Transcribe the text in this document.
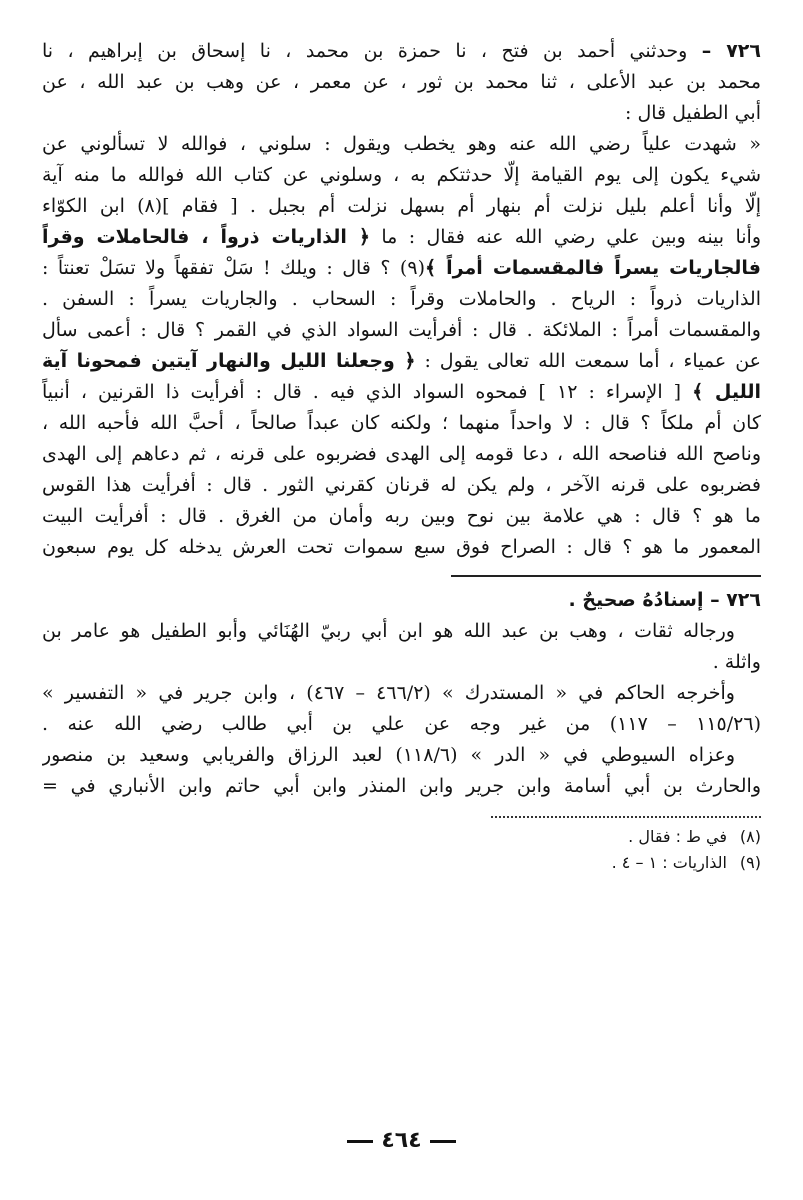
٧٢٦ – وحدثني أحمد بن فتح ، نا حمزة بن محمد ، نا إسحاق بن إبراهيم ، نا
محمد بن عبد الأعلى ، ثنا محمد بن ثور ، عن معمر ، عن وهب بن عبد الله ، عن
أبي الطفيل قال :
« شهدت علياً رضي الله عنه وهو يخطب ويقول : سلوني ، فوالله لا تسألوني عن
شيء يكون إلى يوم القيامة إلّا حدثتكم به ، وسلوني عن كتاب الله فوالله ما منه آية
إلّا وأنا أعلم بليل نزلت أم بنهار أم بسهل نزلت أم بجبل . [ فقام ](٨) ابن الكوّاء
وأنا بينه وبين علي رضي الله عنه فقال : ما ﴿ الذاريات ذرواً ، فالحاملات وقراً
فالجاريات يسراً فالمقسمات أمراً ﴾(٩) ؟ قال : ويلك ! سَلْ تفقهاً ولا تسَلْ تعنتاً :
الذاريات ذرواً : الرياح . والحاملات وقراً : السحاب . والجاريات يسراً : السفن .
والمقسمات أمراً : الملائكة . قال : أفرأيت السواد الذي في القمر ؟ قال : أعمى سأل
عن عمياء ، أما سمعت الله تعالى يقول : ﴿ وجعلنا الليل والنهار آيتين فمحونا آية
الليل ﴾ [ الإسراء : ١٢ ] فمحوه السواد الذي فيه . قال : أفرأيت ذا القرنين ، أنبياً
كان أم ملكاً ؟ قال : لا واحداً منهما ؛ ولكنه كان عبداً صالحاً ، أحبَّ الله فأحبه الله ،
وناصح الله فناصحه الله ، دعا قومه إلى الهدى فضربوه على قرنه ، ثم دعاهم إلى الهدى
فضربوه على قرنه الآخر ، ولم يكن له قرنان كقرني الثور . قال : أفرأيت هذا القوس
ما هو ؟ قال : هي علامة بين نوح وبين ربه وأمان من الغرق . قال : أفرأيت البيت
المعمور ما هو ؟ قال : الصراح فوق سبع سموات تحت العرش يدخله كل يوم سبعون
٧٢٦ – إسنادُهُ صحيحٌ .
ورجاله ثقات ، وهب بن عبد الله هو ابن أبي ربيّ الهُنَائي وأبو الطفيل هو عامر بن
واثلة .
وأخرجه الحاكم في « المستدرك » (٤٦٦/٢ – ٤٦٧) ، وابن جرير في « التفسير »
(١١٥/٢٦ – ١١٧) من غير وجه عن علي بن أبي طالب رضي الله عنه .
وعزاه السيوطي في « الدر » (١١٨/٦) لعبد الرزاق والفريابي وسعيد بن منصور
والحارث بن أبي أسامة وابن جرير وابن المنذر وابن أبي حاتم وابن الأنباري في =
(٨)في ط : فقال .
(٩)الذاريات : ١ – ٤ .
٤٦٤
